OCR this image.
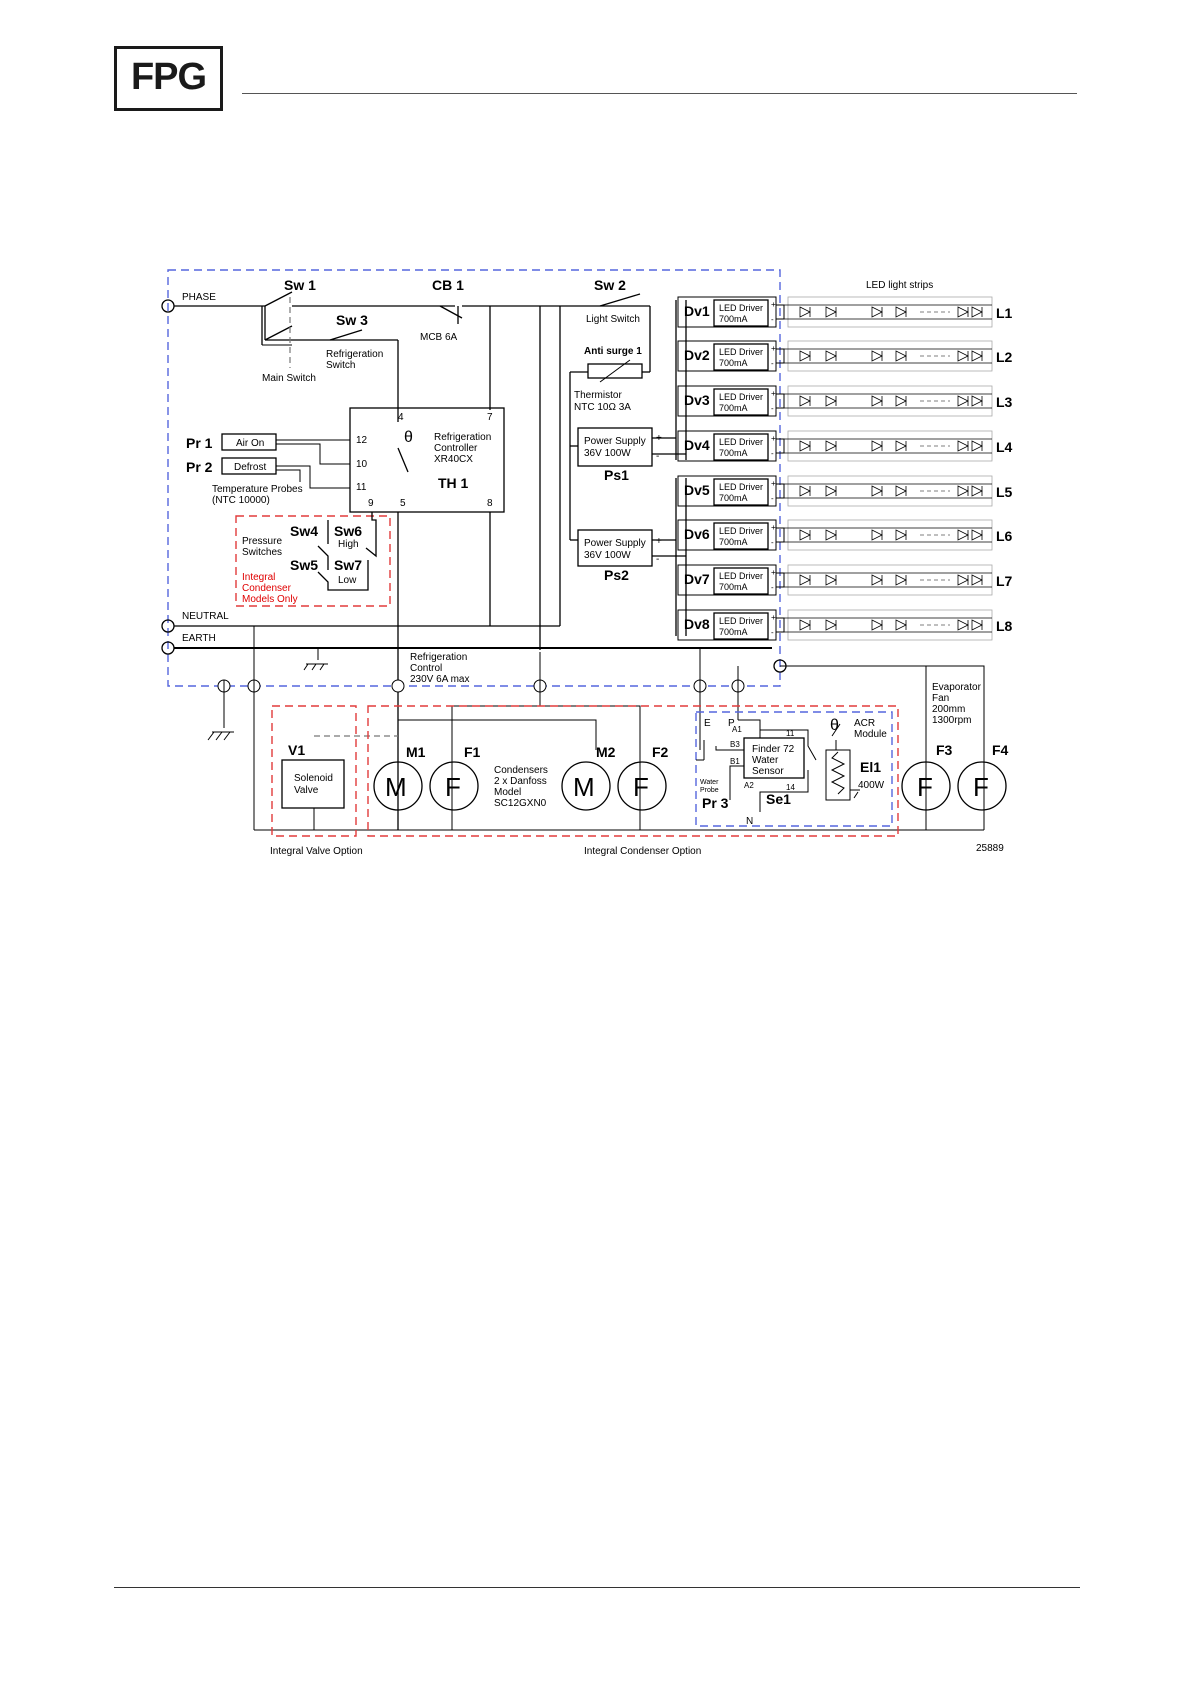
FPG
PHASE
Sw 1
Main Switch
Sw 3
Refrigeration
Switch
CB 1
MCB 6A
Sw 2
Light Switch
Anti surge 1
Thermistor
NTC 10Ω 3A
Power Supply
36V 100W
Ps1
+
-
Power Supply
36V 100W
Ps2
+
-
Dv1 LED Driver
700mA
+
-
Dv2 LED Driver
700mA
+
-
Dv3 LED Driver
700mA
+
-
Dv4 LED Driver
700mA
+
-
Dv5 LED Driver
700mA
+
-
Dv6 LED Driver
700mA
+
-
Dv7 LED Driver
700mA
+
-
Dv8 LED Driver
700mA
+
-
LED light strips
L1
L2
L3
L4
L5
L6
L7
L8
4	7
12
10
11
9	5	8
θ Refrigeration
Controller
XR40CX
TH 1
Pr 1 Air On
Pr 2 Defrost
Temperature Probes
(NTC 10000)
Pressure
Switches
Sw4 Sw6
High
Sw5 Sw7
Low
Integral
Condenser
Models Only
NEUTRAL
EARTH
Refrigeration
Control
230V 6A max
V1
Solenoid
Valve
Integral Valve Option	Integral Condenser Option
M1
M
F1
F
Condensers
2 x Danfoss
Model
SC12GXN0
M2
M
F2
F
E P
A1
B3
B1
A2
N
11
14
Finder 72
Water
Sensor
Water
Probe
Pr 3	Se1
θ ACR
Module
El1
400W
Evaporator
Fan
200mm
1300rpm
F3
F
F4
F
25889
